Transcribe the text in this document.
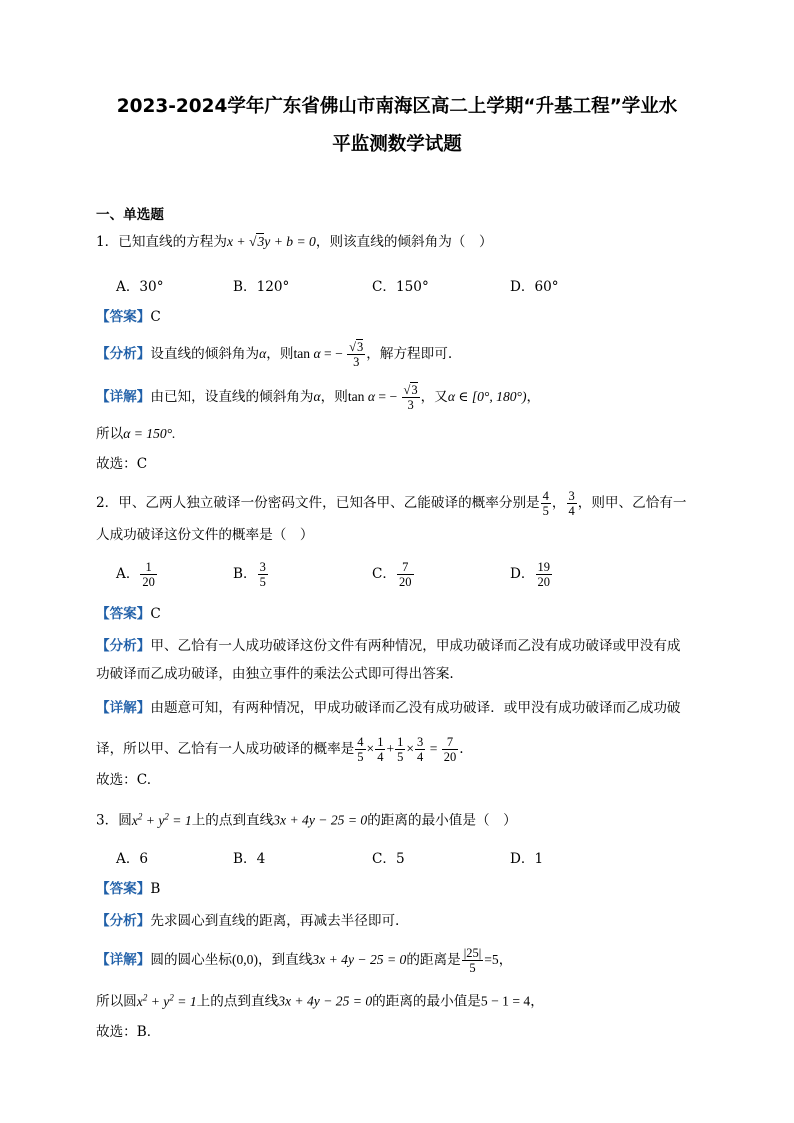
2023-2024学年广东省佛山市南海区高二上学期“升基工程”学业水
平监测数学试题
一、单选题
1．已知直线的方程为x + √3y + b = 0，则该直线的倾斜角为（　）
A．30°	B．120°	C．150°	D．60°
【答案】C
【分析】设直线的倾斜角为α，则tan α = − $\frac{√3}{3}$ ，解方程即可.
【详解】由已知，设直线的倾斜角为α，则tan α = − $\frac{√3}{3}$ ，又α ∈ [0°, 180°)，
所以α = 150°.
故选：C
2．甲、乙两人独立破译一份密码文件，已知各甲、乙能破译的概率分别是 $\frac{4}{5}$ ， $\frac{3}{4}$ ，则甲、乙恰有一
人成功破译这份文件的概率是（　）
A． $\frac{1}{20}$	B． $\frac{3}{5}$	C． $\frac{7}{20}$	D． $\frac{19}{20}$
【答案】C
【分析】甲、乙恰有一人成功破译这份文件有两种情况，甲成功破译而乙没有成功破译或甲没有成
功破译而乙成功破译，由独立事件的乘法公式即可得出答案.
【详解】由题意可知，有两种情况，甲成功破译而乙没有成功破译．或甲没有成功破译而乙成功破
译，所以甲、乙恰有一人成功破译的概率是 $\frac{4}{5} \times \frac{1}{4} + \frac{1}{5} \times \frac{3}{4} = \frac{7}{20}$ .
故选：C.
3．圆$x^2 + y^2 = 1$上的点到直线3x + 4y − 25 = 0的距离的最小值是（　）
A．6	B．4	C．5	D．1
【答案】B
【分析】先求圆心到直线的距离，再减去半径即可.
【详解】圆的圆心坐标(0,0)，到直线3x + 4y − 25 = 0的距离是 $\frac{|25|}{5} =5$，
所以圆$x^2 + y^2 = 1$上的点到直线3x + 4y − 25 = 0的距离的最小值是5 − 1 = 4，
故选：B．
